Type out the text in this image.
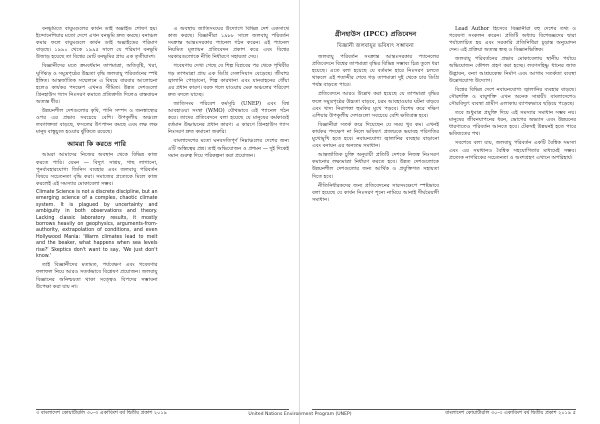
বনভূমিতে বায়ুমণ্ডলের কার্বন ডাই অক্সাইড শোষণ হয়। ইন্দোনেশিয়ার মতো দেশে এখন বনভূমি দ্রুত কমছে। বনাঞ্চল কমার ফলে বায়ুমণ্ডলে কার্বন ডাই অক্সাইডের পরিমাণ বাড়ছে। ১৯৯০ থেকে ১৯৯৫ সালে যে পরিমাণ বনভূমি উজাড় হয়েছে তা বিশ্বের মোট বনভূমির প্রায় এক তৃতীয়াংশ।

বিজ্ঞানীদের মতে ক্রমবর্ধমান তাপমাত্রা, অতিবৃষ্টি, খরা, ঘূর্ণিঝড় ও সমুদ্রপৃষ্ঠের উচ্চতা বৃদ্ধি জলবায়ু পরিবর্তনের স্পষ্ট ইঙ্গিত। আন্তর্জাতিক সম্মেলনে এ বিষয়ে বারবার আলোচনা হলেও কার্যকর পদক্ষেপ এখনও সীমিত। উন্নত দেশগুলো গ্রিনহাউস গ্যাস নিঃসরণ কমাতে প্রতিশ্রুতি দিলেও বাস্তবায়ন অত্যন্ত ধীর।

উন্নয়নশীল দেশগুলোর কৃষি, পানি সম্পদ ও জনস্বাস্থ্যের ওপর এর প্রভাব সবচেয়ে বেশি। উপকূলীয় অঞ্চলে লবণাক্ততা বাড়ছে, ফসলের উৎপাদন কমছে এবং লক্ষ লক্ষ মানুষ বাস্তুচ্যুত হওয়ার ঝুঁকিতে রয়েছে।

আমরা কি করতে পারি

আমরা আমাদের নিজের অবস্থান থেকে বিভিন্ন কাজ করতে পারি। যেমন — বিদ্যুৎ সাশ্রয়, গাছ লাগানো, পুনর্ব্যবহারযোগ্য জিনিস ব্যবহার এবং জলবায়ু পরিবর্তন বিষয়ে সচেতনতা বৃদ্ধি করা। সমাজের প্রত্যেকে মিলে কাজ করলেই এই সমস্যার মোকাবেলা সম্ভব।

Climate Science is not a discrete discipline, but an emerging science of a complex, chaotic climate system. It is plagued by uncertainty and ambiguity in both observations and theory. Lacking classic laboratory results, it mostly borrows heavily on geophysics, arguments-from-authority, extrapolation of conditions, and even Hollywood Mania: 'Warm climates lead to melt and the beaker, what happens when sea levels rise?' Skeptics don't want to say, 'We just don't know.'

তাই বিজ্ঞানীদের মতামত, পর্যবেক্ষণ এবং গবেষণার ফলাফল নিয়ে আরও সতর্কভাবে বিশ্লেষণ প্রয়োজন। জলবায়ু বিজ্ঞানের অনিশ্চয়তা থাকা সত্ত্বেও বিপদের সম্ভাবনা উপেক্ষা করা যায় না।

এ অবস্থায় জাতিসংঘের উদ্যোগে বিভিন্ন দেশ একসাথে কাজ করছে। বিজ্ঞানীরা ১৯৮৮ সালে জলবায়ু পরিবর্তন সংক্রান্ত আন্তঃসরকার প্যানেল গঠন করেন। এই প্যানেল নিয়মিত মূল্যায়ন প্রতিবেদন প্রকাশ করে এবং বিশ্বের সরকারগুলোকে নীতি নির্ধারণে সহায়তা দেয়।

গবেষণায় দেখা গেছে যে শিল্প বিপ্লবের পর থেকে পৃথিবীর গড় তাপমাত্রা প্রায় এক ডিগ্রি সেলসিয়াস বেড়েছে। জীবাশ্ম জ্বালানি পোড়ানো, শিল্প কারখানা এবং যানবাহনের ধোঁয়া এর প্রধান কারণ। বরফ গলে যাওয়ায় মেরু অঞ্চলের পরিবেশ দ্রুত বদলে যাচ্ছে।

জাতিসংঘ পরিবেশ কর্মসূচি (UNEP) এবং বিশ্ব আবহাওয়া সংস্থা (WMO) যৌথভাবে এই প্যানেল গঠন করে। তাদের প্রতিবেদনে বলা হয়েছে যে মানুষের কর্মকাণ্ডই বর্তমান উষ্ণায়নের প্রধান কারণ। এ কারণে গ্রিনহাউস গ্যাস নিঃসরণ দ্রুত কমানো জরুরি।

বাংলাদেশের মতো ঘনবসতিপূর্ণ নিম্নাঞ্চলের দেশের জন্য এটি অস্তিত্বের প্রশ্ন। তাই অভিযোজন ও প্রশমন — দুই দিকেই সমান গুরুত্ব দিয়ে পরিকল্পনা করা প্রয়োজন।

৩ বাংলাদেশ কোয়ার্টারলি ৩০-৩ একাবিংশ বর্ষ দ্বিতীয় প্রকাশ ২০১৯
গ্রীনহাউস (IPCC) প্রতিবেদন
বিজ্ঞানী জলবায়ুর ভবিষ্যৎ সম্ভাবনা

জলবায়ু পরিবর্তন সংক্রান্ত আন্তঃসরকার প্যানেলের প্রতিবেদনে বিশ্বের তাপমাত্রা বৃদ্ধির বিভিন্ন সম্ভাব্য চিত্র তুলে ধরা হয়েছে। এতে বলা হয়েছে যে বর্তমান হারে নিঃসরণ চলতে থাকলে এই শতাব্দীর শেষে গড় তাপমাত্রা দুই থেকে চার ডিগ্রি পর্যন্ত বাড়তে পারে।

প্রতিবেদনে আরও উল্লেখ করা হয়েছে যে তাপমাত্রা বৃদ্ধির ফলে সমুদ্রপৃষ্ঠের উচ্চতা বাড়বে, চরম আবহাওয়ার ঘটনা বাড়বে এবং খাদ্য নিরাপত্তা হুমকির মুখে পড়বে। বিশেষ করে দক্ষিণ এশিয়ার উপকূলীয় দেশগুলো সবচেয়ে বেশি ক্ষতিগ্রস্ত হবে।

বিজ্ঞানীরা সতর্ক করে দিয়েছেন যে সময় খুব কম। এখনই কার্যকর পদক্ষেপ না নিলে ভবিষ্যৎ প্রজন্মকে ভয়াবহ পরিণতির মুখোমুখি হতে হবে। নবায়নযোগ্য জ্বালানির ব্যবহার বাড়ানো এবং বনায়ন এর অন্যতম সমাধান।

আন্তর্জাতিক চুক্তি অনুযায়ী প্রতিটি দেশকে নিজস্ব নিঃসরণ কমানোর লক্ষ্যমাত্রা নির্ধারণ করতে হবে। উন্নত দেশগুলোকে উন্নয়নশীল দেশগুলোর জন্য আর্থিক ও প্রযুক্তিগত সহায়তা দিতে হবে।

নীতিনির্ধারকদের জন্য প্রতিবেদনের সারসংক্ষেপে স্পষ্টভাবে বলা হয়েছে যে কার্বন নিঃসরণ শূন্যে নামিয়ে আনাই দীর্ঘমেয়াদী সমাধান।

Lead Author হিসেবে বিজ্ঞানীরা বহু দেশের তথ্য ও গবেষণা সংকলন করেন। প্রতিটি অধ্যায় বিশেষজ্ঞদের দ্বারা পর্যালোচিত হয় এবং সরকারি প্রতিনিধিরা চূড়ান্ত অনুমোদন দেন। এই প্রক্রিয়া অত্যন্ত স্বচ্ছ ও বিজ্ঞানভিত্তিক।

জলবায়ু পরিবর্তনের প্রভাব মোকাবেলায় স্থানীয় পর্যায়ে অভিযোজন কৌশল গ্রহণ করা হচ্ছে। লবণসহিষ্ণু ধানের জাত উদ্ভাবন, বন্যা আশ্রয়কেন্দ্র নির্মাণ এবং আগাম সতর্কতা ব্যবস্থা উল্লেখযোগ্য উদ্যোগ।

বিশ্বের বিভিন্ন দেশে নবায়নযোগ্য জ্বালানির ব্যবহার বাড়ছে। সৌরশক্তি ও বায়ুশক্তি এখন অনেক সাশ্রয়ী। বাংলাদেশেও সৌরবিদ্যুৎ ব্যবস্থা গ্রামীণ এলাকায় ব্যাপকভাবে ছড়িয়ে পড়েছে।

তবে শুধুমাত্র প্রযুক্তি দিয়ে এই সমস্যার সমাধান সম্ভব নয়। মানুষের জীবনযাপনের ধরন, ভোগের অভ্যাস এবং উন্নয়নের ধারণাতেও পরিবর্তন আনতে হবে। টেকসই উন্নয়নই হতে পারে ভবিষ্যতের পথ।

সবশেষে বলা যায়, জলবায়ু পরিবর্তন একটি বৈশ্বিক সমস্যা এবং এর সমাধানও বৈশ্বিক সহযোগিতার মাধ্যমেই সম্ভব। প্রত্যেক নাগরিকের সচেতনতা ও অংশগ্রহণ এখানে অপরিহার্য।

বাংলাদেশ কোয়ার্টারলি ৩০-৩ একাবিংশ বর্ষ দ্বিতীয় প্রকাশ ২০১৯ ৫
United Nations Environment Program (UNEP)
